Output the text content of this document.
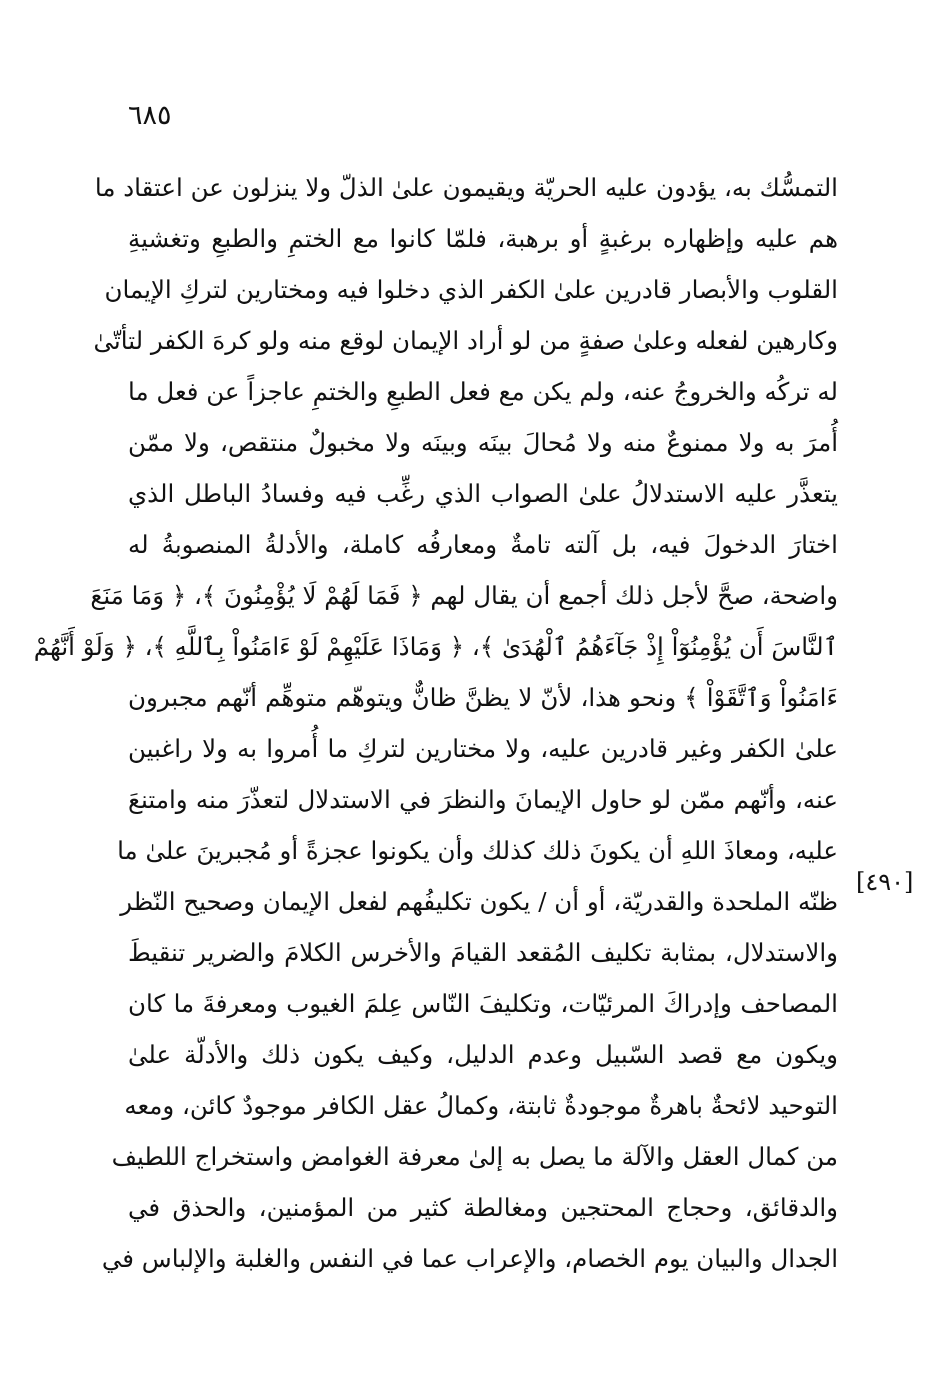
٦٨٥
التمسُّك به، يؤدون عليه الحريّة ويقيمون علىٰ الذلّ ولا ينزلون عن اعتقاد ما
هم عليه وإظهاره برغبةٍ أو برهبة، فلمّا كانوا مع الختمِ والطبعِ وتغشيةِ
القلوب والأبصار قادرين علىٰ الكفر الذي دخلوا فيه ومختارين لتركِ الإيمان
وكارهين لفعله وعلىٰ صفةٍ من لو أراد الإيمان لوقع منه ولو كرهَ الكفر لتأتّىٰ
له تركُه والخروجُ عنه، ولم يكن مع فعل الطبعِ والختمِ عاجزاً عن فعل ما
أُمرَ به ولا ممنوعٌ منه ولا مُحالَ بينَه وبينَه ولا مخبولٌ منتقص، ولا ممّن
يتعذَّر عليه الاستدلالُ علىٰ الصواب الذي رغِّب فيه وفسادُ الباطل الذي
اختارَ الدخولَ فيه، بل آلته تامةٌ ومعارفُه كاملة، والأدلةُ المنصوبةُ له
واضحة، صحَّ لأجل ذلك أجمع أن يقال لهم ﴿ فَمَا لَهُمْ لَا يُؤْمِنُونَ ﴾، ﴿ وَمَا مَنَعَ
ٱلنَّاسَ أَن يُؤْمِنُوٓاْ إِذْ جَآءَهُمُ ٱلْهُدَىٰ ﴾، ﴿ وَمَاذَا عَلَيْهِمْ لَوْ ءَامَنُواْ بِٱللَّهِ ﴾، ﴿ وَلَوْ أَنَّهُمْ
ءَامَنُواْ وَٱتَّقَوْاْ ﴾ ونحو هذا، لأنّ لا يظنَّ ظانٌّ ويتوهّم متوهِّم أنّهم مجبرون
علىٰ الكفر وغير قادرين عليه، ولا مختارين لتركِ ما أُمروا به ولا راغبين
عنه، وأنّهم ممّن لو حاول الإيمانَ والنظرَ في الاستدلال لتعذّرَ منه وامتنعَ
عليه، ومعاذَ اللهِ أن يكونَ ذلك كذلك وأن يكونوا عجزةً أو مُجبرينَ علىٰ ما
ظنّه الملحدة والقدريّة، أو أن / يكون تكليفُهم لفعل الإيمان وصحيح النّظر
والاستدلال، بمثابة تكليف المُقعد القيامَ والأخرس الكلامَ والضرير تنقيطَ
المصاحف وإدراكَ المرئيّات، وتكليفَ النّاس عِلمَ الغيوب ومعرفةَ ما كان
ويكون مع قصد السّبيل وعدم الدليل، وكيف يكون ذلك والأدلّة علىٰ
التوحيد لائحةٌ باهرةٌ موجودةٌ ثابتة، وكمالُ عقل الكافر موجودٌ كائن، ومعه
من كمال العقل والآلة ما يصل به إلىٰ معرفة الغوامض واستخراج اللطيف
والدقائق، وحجاج المحتجين ومغالطة كثير من المؤمنين، والحذق في
الجدال والبيان يوم الخصام، والإعراب عما في النفس والغلبة والإلباس في
[٤٩٠]
